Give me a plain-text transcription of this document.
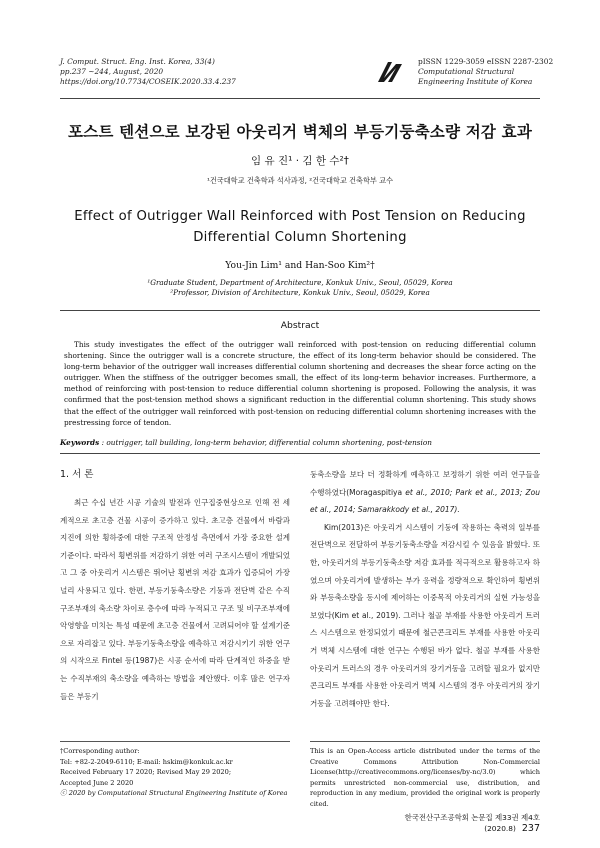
J. Comput. Struct. Eng. Inst. Korea, 33(4)
pp.237 ~244, August, 2020
https://doi.org/10.7734/COSEIK.2020.33.4.237
pISSN 1229-3059 eISSN 2287-2302
Computational Structural
Engineering Institute of Korea
포스트 텐션으로 보강된 아웃리거 벽체의 부등기둥축소량 저감 효과
임 유 진¹ · 김 한 수²†
¹건국대학교 건축학과 석사과정, ²건국대학교 건축학부 교수
Effect of Outrigger Wall Reinforced with Post Tension on Reducing
Differential Column Shortening
You-Jin Lim¹ and Han-Soo Kim²†
¹Graduate Student, Department of Architecture, Konkuk Univ., Seoul, 05029, Korea
²Professor, Division of Architecture, Konkuk Univ., Seoul, 05029, Korea
Abstract
This study investigates the effect of the outrigger wall reinforced with post-tension on reducing differential column shortening. Since the outrigger wall is a concrete structure, the effect of its long-term behavior should be considered. The long-term behavior of the outrigger wall increases differential column shortening and decreases the shear force acting on the outrigger. When the stiffness of the outrigger becomes small, the effect of its long-term behavior increases. Furthermore, a method of reinforcing with post-tension to reduce differential column shortening is proposed. Following the analysis, it was confirmed that the post-tension method shows a significant reduction in the differential column shortening. This study shows that the effect of the outrigger wall reinforced with post-tension on reducing differential column shortening increases with the prestressing force of tendon.
Keywords : outrigger, tall building, long-term behavior, differential column shortening, post-tension
1. 서 론

최근 수십 년간 시공 기술의 발전과 인구집중현상으로 인해 전 세계적으로 초고층 건물 시공이 증가하고 있다. 초고층 건물에서 바람과 지진에 의한 횡하중에 대한 구조적 안정성 측면에서 가장 중요한 설계기준이다. 따라서 횡변위를 저감하기 위한 여러 구조시스템이 개발되었고 그 중 아웃리거 시스템은 뛰어난 횡변위 저감 효과가 입증되어 가장 널리 사용되고 있다. 한편, 부등기둥축소량은 기둥과 전단벽 같은 수직구조부재의 축소량 차이로 층수에 따라 누적되고 구조 및 비구조부재에 악영향을 미치는 특성 때문에 초고층 건물에서 고려되어야 할 설계기준으로 자리잡고 있다. 부등기둥축소량을 예측하고 저감시키기 위한 연구의 시작으로 Fintel 등(1987)은 시공 순서에 따라 단계적인 하중을 받는 수직부재의 축소량을 예측하는 방법을 제안했다. 이후 많은 연구자들은 부등기

둥축소량을 보다 더 정확하게 예측하고 보정하기 위한 여러 연구들을 수행하였다(Moragaspitiya et al., 2010; Park et al., 2013; Zou et al., 2014; Samarakkody et al., 2017).

Kim(2013)은 아웃리거 시스템이 기둥에 작용하는 축력의 일부를 전단벽으로 전달하여 부등기둥축소량을 저감시킬 수 있음을 밝혔다. 또한, 아웃리거의 부등기둥축소량 저감 효과를 적극적으로 활용하고자 하였으며 아웃리거에 발생하는 부가 응력을 정량적으로 확인하여 횡변위와 부등축소량을 동시에 제어하는 이중목적 아웃리거의 실현 가능성을 보였다(Kim et al., 2019). 그러나 철골 부재를 사용한 아웃리거 트러스 시스템으로 한정되었기 때문에 철근콘크리트 부재를 사용한 아웃리거 벽체 시스템에 대한 연구는 수행된 바가 없다. 철골 부재를 사용한 아웃리거 트러스의 경우 아웃리거의 장기거동을 고려할 필요가 없지만 콘크리트 부재를 사용한 아웃리거 벽체 시스템의 경우 아웃리거의 장기거동을 고려해야만 한다.

†Corresponding author:
Tel: +82-2-2049-6110; E-mail: hskim@konkuk.ac.kr
Received February 17 2020; Revised May 29 2020;
Accepted June 2 2020
ⓒ 2020 by Computational Structural Engineering Institute of Korea
This is an Open-Access article distributed under the terms of the Creative Commons Attribution Non-Commercial License(http://creativecommons.org/licenses/by-nc/3.0) which permits unrestricted non-commercial use, distribution, and reproduction in any medium, provided the original work is properly cited.
한국전산구조공학회 논문집 제33권 제4호(2020.8) 237
